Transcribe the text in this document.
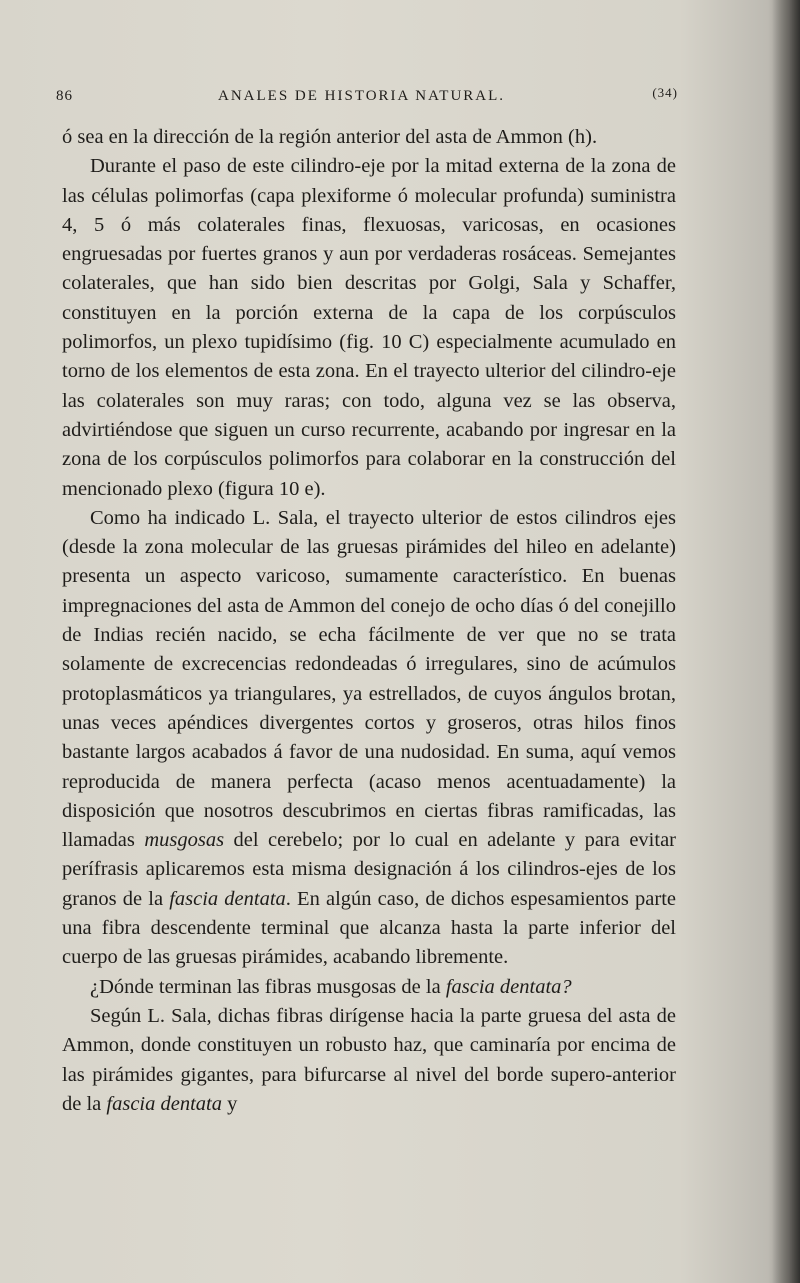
86	ANALES DE HISTORIA NATURAL.	(34)

ó sea en la dirección de la región anterior del asta de Ammon (h).

Durante el paso de este cilindro-eje por la mitad externa de la zona de las células polimorfas (capa plexiforme ó molecular profunda) suministra 4, 5 ó más colaterales finas, flexuosas, varicosas, en ocasiones engruesadas por fuertes granos y aun por verdaderas rosáceas. Semejantes colaterales, que han sido bien descritas por Golgi, Sala y Schaffer, constituyen en la porción externa de la capa de los corpúsculos polimorfos, un plexo tupidísimo (fig. 10 C) especialmente acumulado en torno de los elementos de esta zona. En el trayecto ulterior del cilindro-eje las colaterales son muy raras; con todo, alguna vez se las observa, advirtiéndose que siguen un curso recurrente, acabando por ingresar en la zona de los corpúsculos polimorfos para colaborar en la construcción del mencionado plexo (figura 10 e).

Como ha indicado L. Sala, el trayecto ulterior de estos cilindros ejes (desde la zona molecular de las gruesas pirámides del hileo en adelante) presenta un aspecto varicoso, sumamente característico. En buenas impregnaciones del asta de Ammon del conejo de ocho días ó del conejillo de Indias recién nacido, se echa fácilmente de ver que no se trata solamente de excrecencias redondeadas ó irregulares, sino de acúmulos protoplasmáticos ya triangulares, ya estrellados, de cuyos ángulos brotan, unas veces apéndices divergentes cortos y groseros, otras hilos finos bastante largos acabados á favor de una nudosidad. En suma, aquí vemos reproducida de manera perfecta (acaso menos acentuadamente) la disposición que nosotros descubrimos en ciertas fibras ramificadas, las llamadas musgosas del cerebelo; por lo cual en adelante y para evitar perífrasis aplicaremos esta misma designación á los cilindros-ejes de los granos de la fascia dentata. En algún caso, de dichos espesamientos parte una fibra descendente terminal que alcanza hasta la parte inferior del cuerpo de las gruesas pirámides, acabando libremente.

¿Dónde terminan las fibras musgosas de la fascia dentata?

Según L. Sala, dichas fibras dirígense hacia la parte gruesa del asta de Ammon, donde constituyen un robusto haz, que caminaría por encima de las pirámides gigantes, para bifurcarse al nivel del borde supero-anterior de la fascia dentata y
